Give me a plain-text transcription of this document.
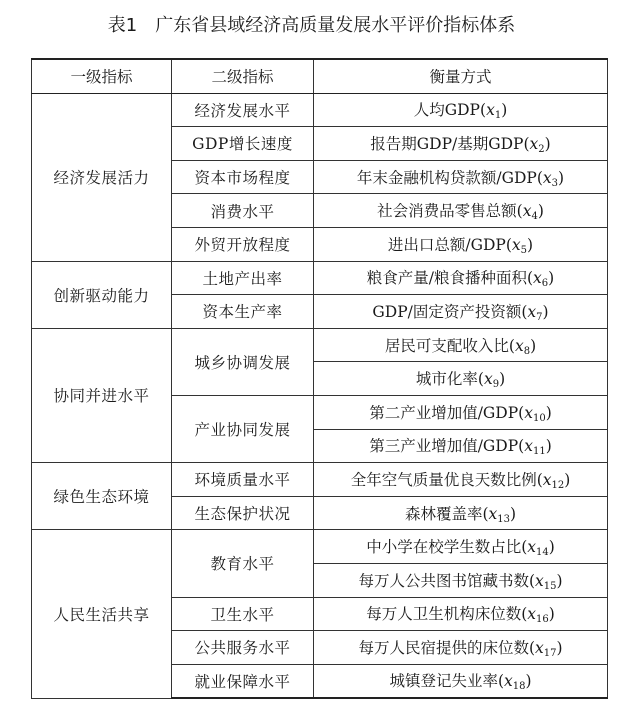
表1 广东省县域经济高质量发展水平评价指标体系
一级指标	二级指标	衡量方式
经济发展活力	经济发展水平	人均$GDP(x_1)$
	GDP增长速度	报告期GDP/基期$GDP(x_2)$
	资本市场程度	年末金融机构贷款额$/GDP(x_3)$
	消费水平	社会消费品零售总额$(x_4)$
	外贸开放程度	进出口总额$/GDP(x_5)$
创新驱动能力	土地产出率	粮食产量/粮食播种面积$(x_6)$
	资本生产率	GDP/固定资产投资额$(x_7)$
协同并进水平	城乡协调发展	居民可支配收入比$(x_8)$
		城市化率$(x_9)$
	产业协同发展	第二产业增加值$/GDP(x_{10})$
		第三产业增加值$/GDP(x_{11})$
绿色生态环境	环境质量水平	全年空气质量优良天数比例$(x_{12})$
	生态保护状况	森林覆盖率$(x_{13})$
人民生活共享	教育水平	中小学在校学生数占比$(x_{14})$
		每万人公共图书馆藏书数$(x_{15})$
	卫生水平	每万人卫生机构床位数$(x_{16})$
	公共服务水平	每万人民宿提供的床位数$(x_{17})$
	就业保障水平	城镇登记失业率$(x_{18})$
